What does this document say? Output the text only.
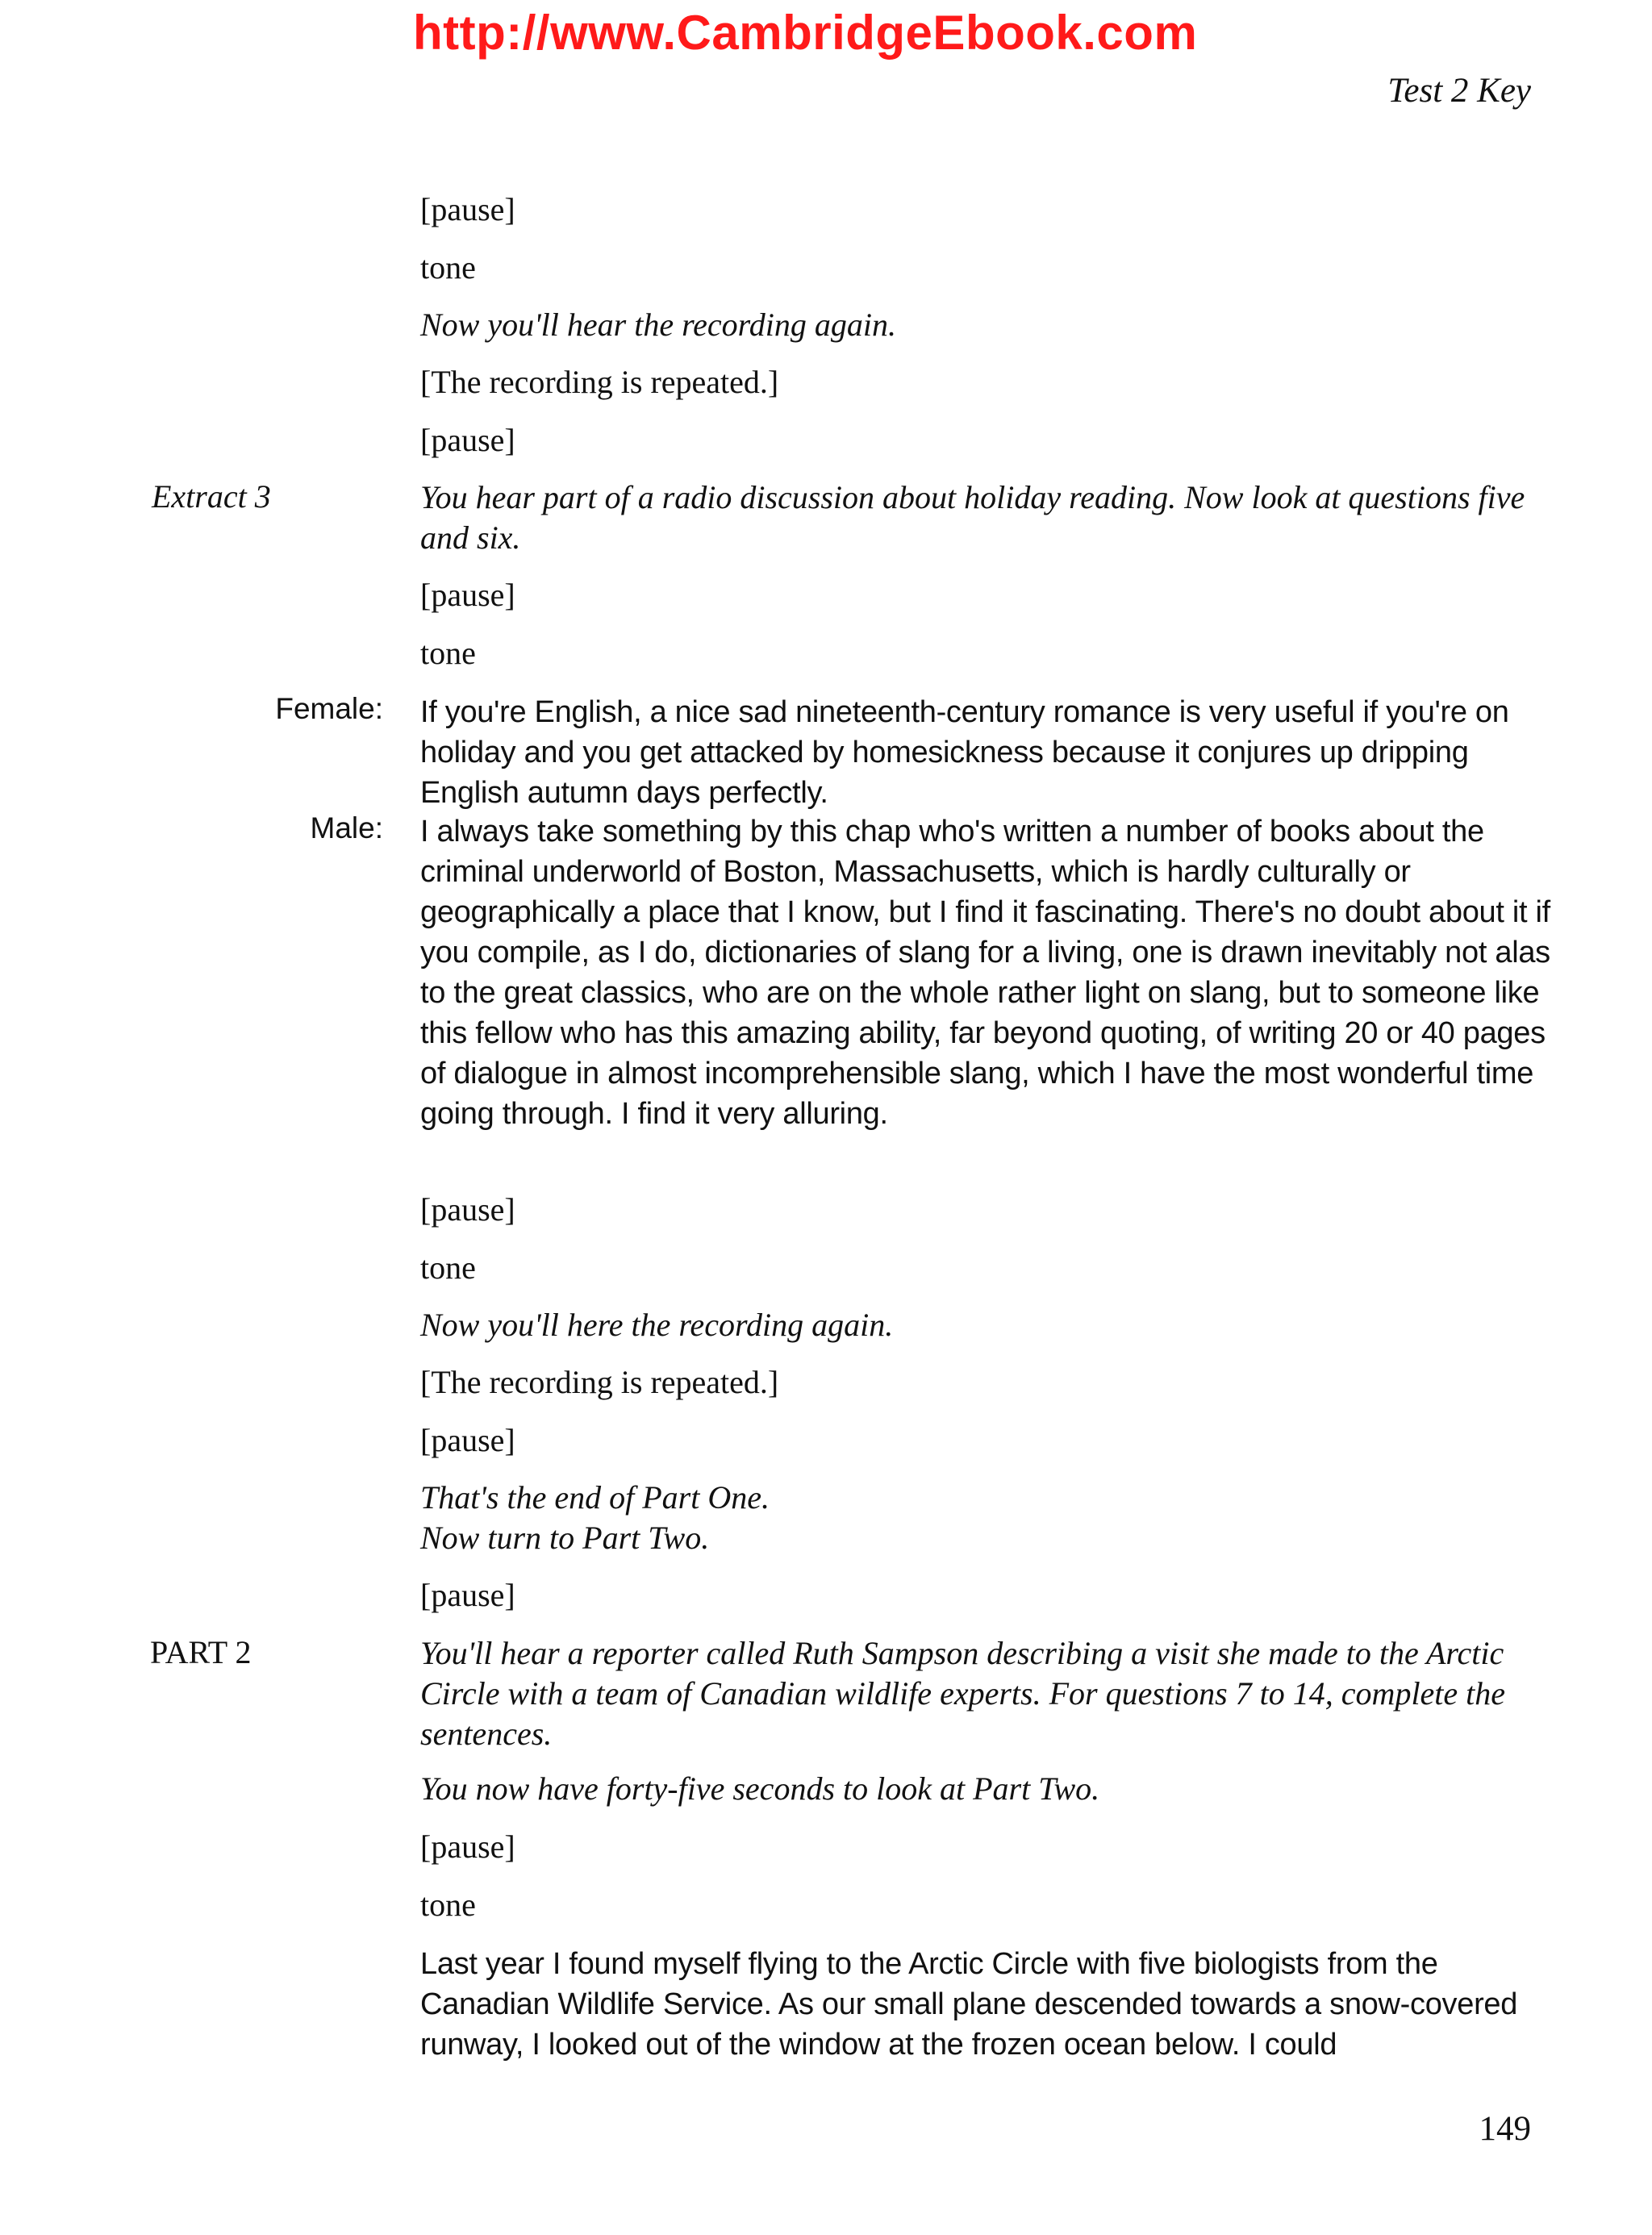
http://www.CambridgeEbook.com
Test 2 Key
[pause]
tone
Now you'll hear the recording again.
[The recording is repeated.]
[pause]
Extract 3	You hear part of a radio discussion about holiday reading. Now look at questions five and six.
[pause]
tone
Female: If you're English, a nice sad nineteenth-century romance is very useful if you're on holiday and you get attacked by homesickness because it conjures up dripping English autumn days perfectly.
Male: I always take something by this chap who's written a number of books about the criminal underworld of Boston, Massachusetts, which is hardly culturally or geographically a place that I know, but I find it fascinating. There's no doubt about it if you compile, as I do, dictionaries of slang for a living, one is drawn inevitably not alas to the great classics, who are on the whole rather light on slang, but to someone like this fellow who has this amazing ability, far beyond quoting, of writing 20 or 40 pages of dialogue in almost incomprehensible slang, which I have the most wonderful time going through. I find it very alluring.
[pause]
tone
Now you'll here the recording again.
[The recording is repeated.]
[pause]
That's the end of Part One.
Now turn to Part Two.
[pause]
PART 2	You'll hear a reporter called Ruth Sampson describing a visit she made to the Arctic Circle with a team of Canadian wildlife experts. For questions 7 to 14, complete the sentences.
You now have forty-five seconds to look at Part Two.
[pause]
tone
Last year I found myself flying to the Arctic Circle with five biologists from the Canadian Wildlife Service. As our small plane descended towards a snow-covered runway, I looked out of the window at the frozen ocean below. I could
149
